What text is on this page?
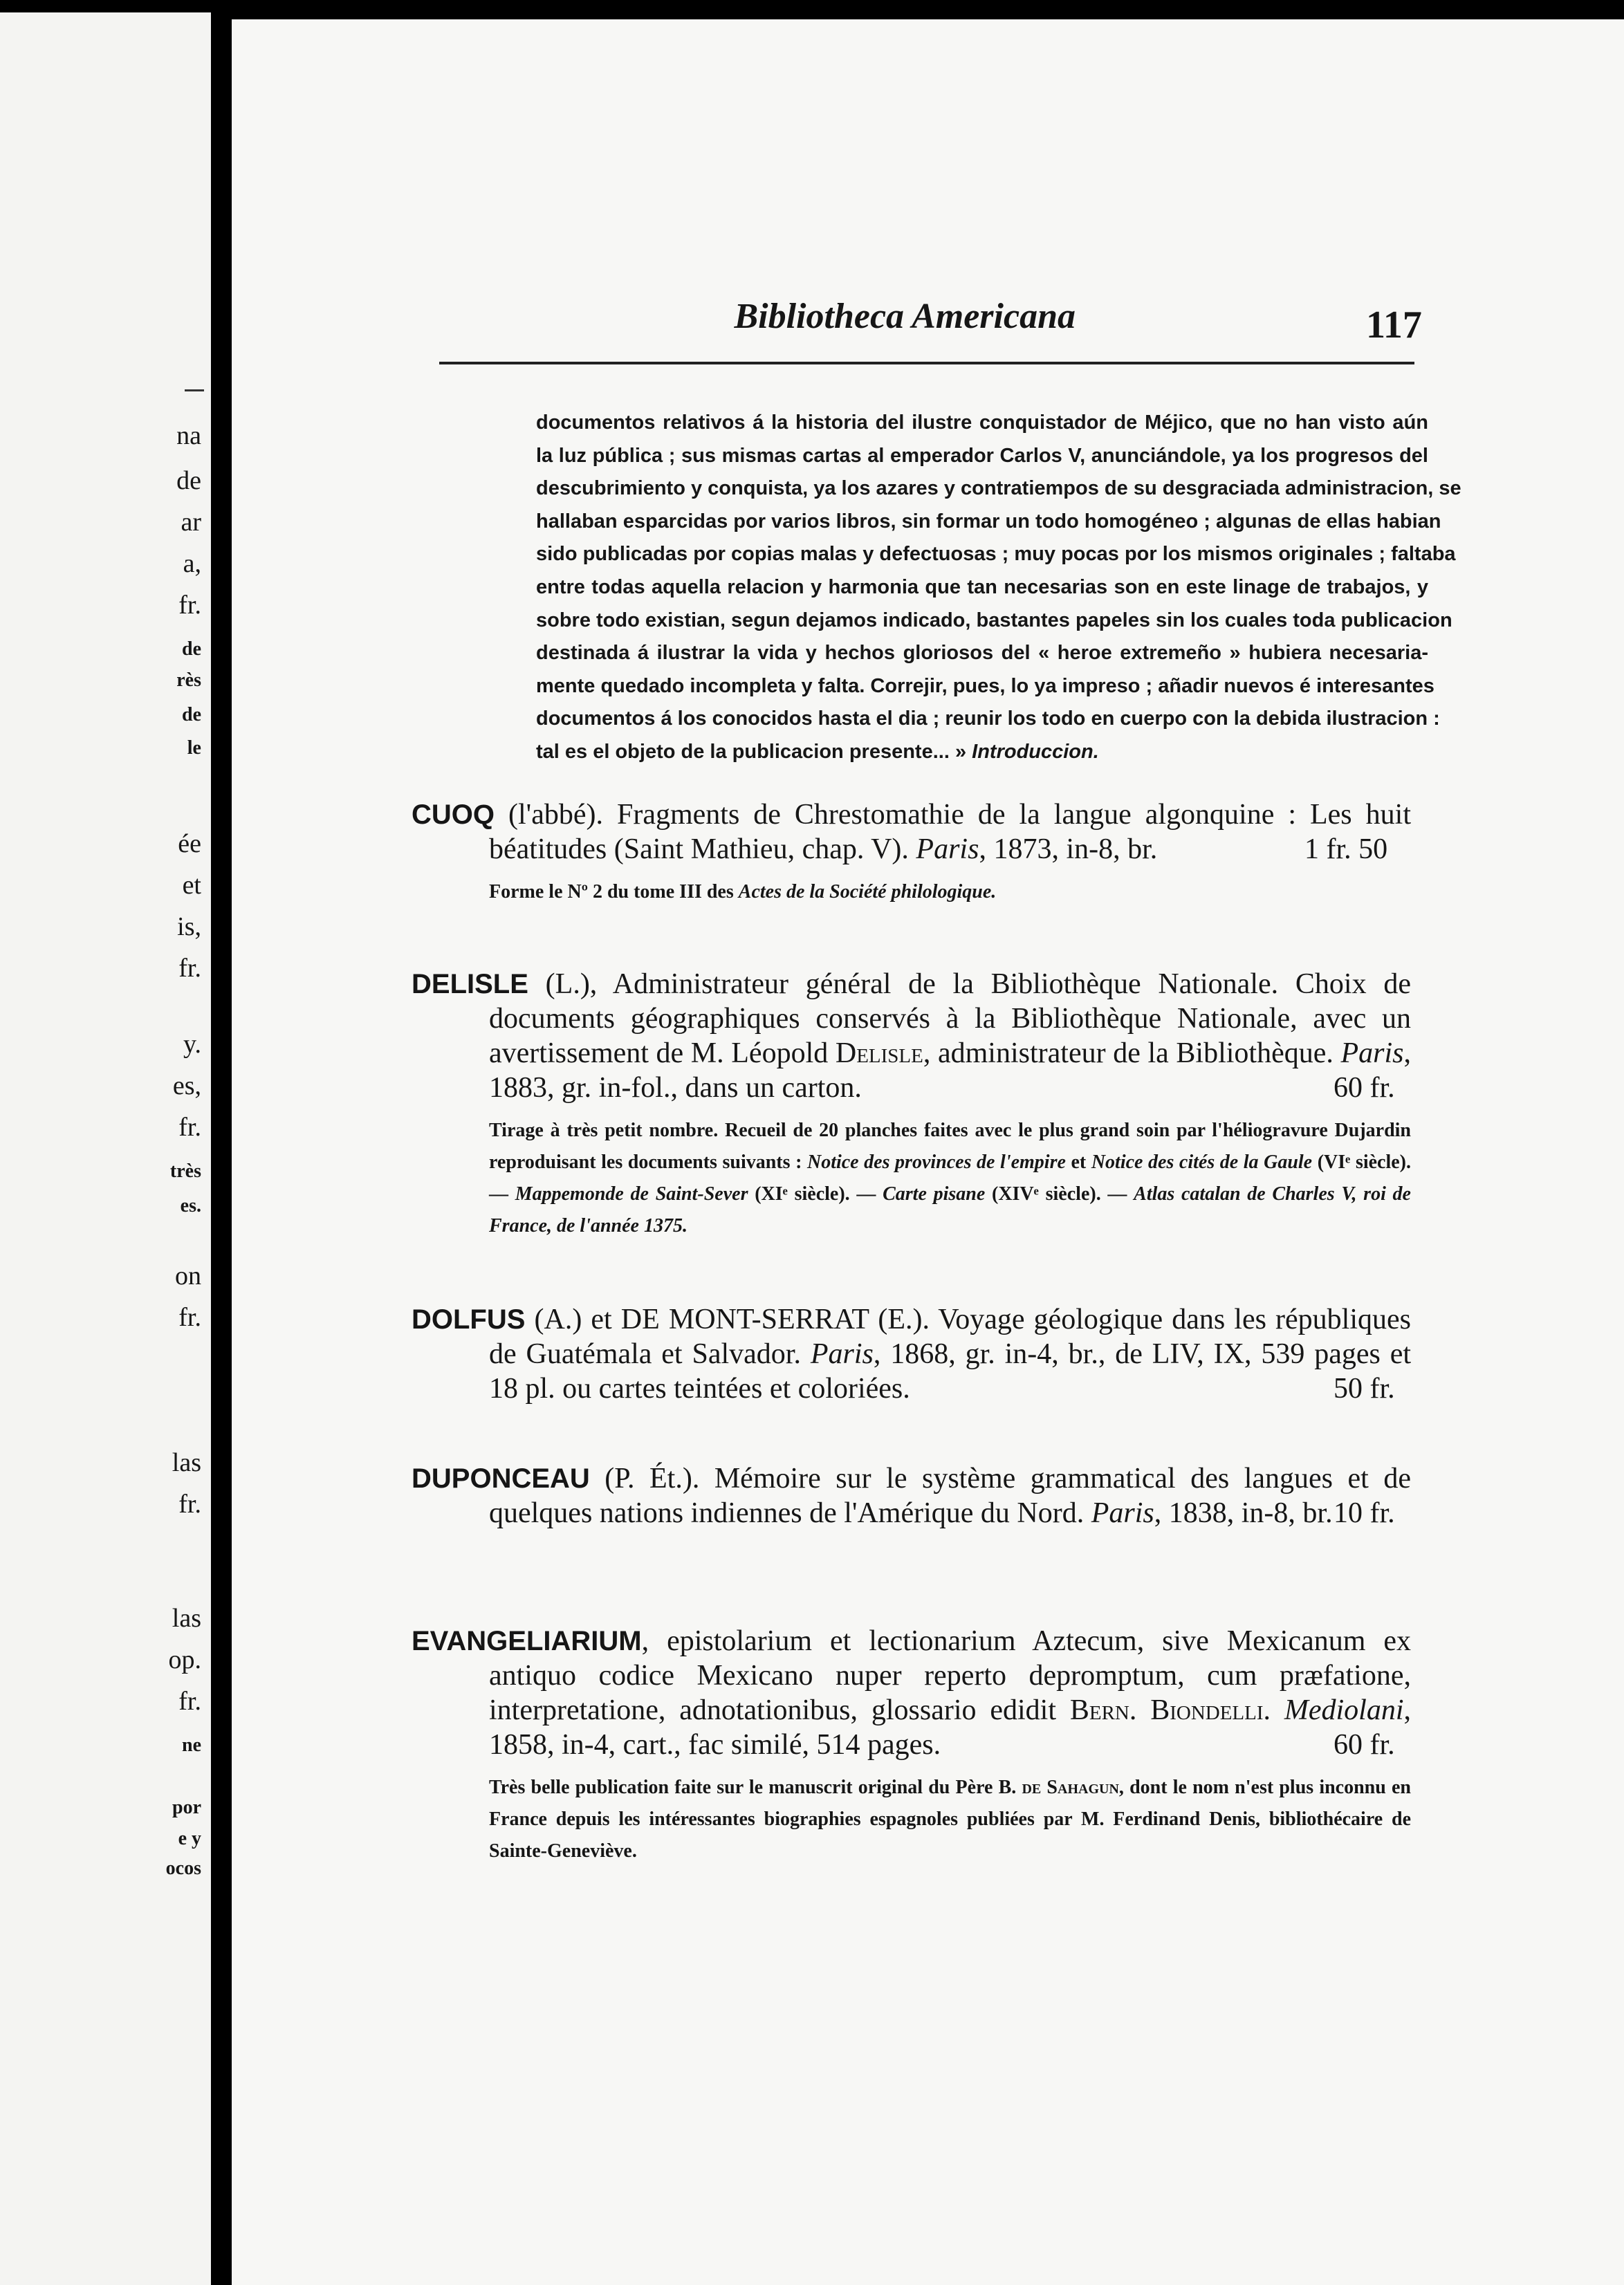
na
de
ar
a,
fr.
de
rès
de
le
ée
et
is,
fr.
y.
es,
fr.
très
es.
on
fr.
las
fr.
las
op.
fr.
ne
por
e y
ocos
Bibliotheca Americana	117
documentos relativos á la historia del ilustre conquistador de Méjico, que no han visto aún
la luz pública ; sus mismas cartas al emperador Carlos V, anunciándole, ya los progresos del
descubrimiento y conquista, ya los azares y contratiempos de su desgraciada administracion, se
hallaban esparcidas por varios libros, sin formar un todo homogéneo ; algunas de ellas habian
sido publicadas por copias malas y defectuosas ; muy pocas por los mismos originales ; faltaba
entre todas aquella relacion y harmonia que tan necesarias son en este linage de trabajos, y
sobre todo existian, segun dejamos indicado, bastantes papeles sin los cuales toda publicacion
destinada á ilustrar la vida y hechos gloriosos del « heroe extremeño » hubiera necesaria-
mente quedado incompleta y falta. Correjir, pues, lo ya impreso ; añadir nuevos é interesantes
documentos á los conocidos hasta el dia ; reunir los todo en cuerpo con la debida ilustracion :
tal es el objeto de la publicacion presente... » Introduccion.
CUOQ (l'abbé). Fragments de Chrestomathie de la langue algonquine : Les huit béatitudes (Saint Mathieu, chap. V). Paris, 1873, in-8, br.	1 fr. 50
Forme le Nº 2 du tome III des Actes de la Société philologique.
DELISLE (L.), Administrateur général de la Bibliothèque Nationale. Choix de documents géographiques conservés à la Bibliothèque Nationale, avec un avertissement de M. Léopold Delisle, administrateur de la Bibliothèque. Paris, 1883, gr. in-fol., dans un carton.	60 fr.
Tirage à très petit nombre. Recueil de 20 planches faites avec le plus grand soin par l'héliogravure Dujardin reproduisant les documents suivants : Notice des provinces de l'empire et Notice des cités de la Gaule (VIᵉ siècle). — Mappemonde de Saint-Sever (XIᵉ siècle). — Carte pisane (XIVᵉ siècle). — Atlas catalan de Charles V, roi de France, de l'année 1375.
DOLFUS (A.) et DE MONT-SERRAT (E.). Voyage géologique dans les républiques de Guatémala et Salvador. Paris, 1868, gr. in-4, br., de LIV, IX, 539 pages et 18 pl. ou cartes teintées et coloriées.	50 fr.
DUPONCEAU (P. Ét.). Mémoire sur le système grammatical des langues et de quelques nations indiennes de l'Amérique du Nord. Paris, 1838, in-8, br. 10 fr.
EVANGELIARIUM, epistolarium et lectionarium Aztecum, sive Mexicanum ex antiquo codice Mexicano nuper reperto depromptum, cum præfatione, interpretatione, adnotationibus, glossario edidit Bern. Biondelli. Mediolani, 1858, in-4, cart., fac similé, 514 pages.	60 fr.
Très belle publication faite sur le manuscrit original du Père B. de Sahagun, dont le nom n'est plus inconnu en France depuis les intéressantes biographies espagnoles publiées par M. Ferdinand Denis, bibliothécaire de Sainte-Geneviève.
